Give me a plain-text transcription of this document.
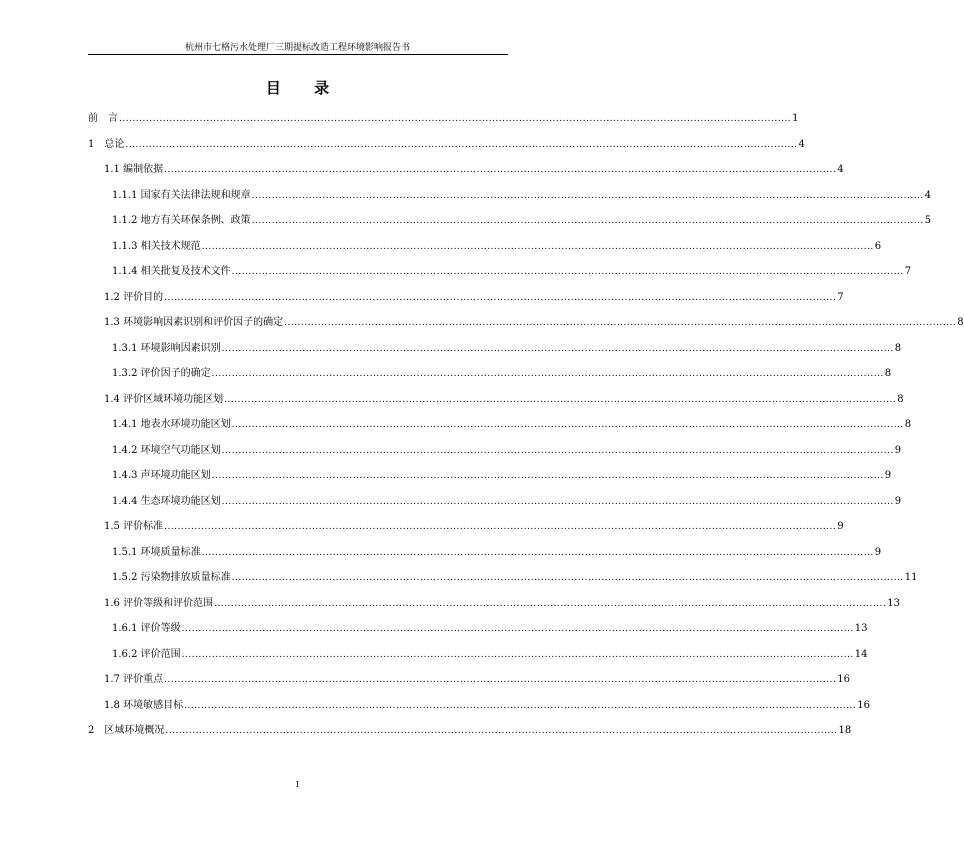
杭州市七格污水处理厂三期提标改造工程环境影响报告书
目 录
前　言 ........................................................................................................................................................................................................ 1
1　总论 ........................................................................................................................................................................................................ 4
1.1 编制依据 ........................................................................................................................................................................................................ 4
1.1.1 国家有关法律法规和规章 ........................................................................................................................................................................................................ 4
1.1.2 地方有关环保条例、政策 ........................................................................................................................................................................................................ 5
1.1.3 相关技术规范 ........................................................................................................................................................................................................ 6
1.1.4 相关批复及技术文件 ........................................................................................................................................................................................................ 7
1.2 评价目的 ........................................................................................................................................................................................................ 7
1.3 环境影响因素识别和评价因子的确定 ........................................................................................................................................................................................................ 8
1.3.1 环境影响因素识别 ........................................................................................................................................................................................................ 8
1.3.2 评价因子的确定 ........................................................................................................................................................................................................ 8
1.4 评价区域环境功能区划 ........................................................................................................................................................................................................ 8
1.4.1 地表水环境功能区划 ........................................................................................................................................................................................................ 8
1.4.2 环境空气功能区划 ........................................................................................................................................................................................................ 9
1.4.3 声环境功能区划 ........................................................................................................................................................................................................ 9
1.4.4 生态环境功能区划 ........................................................................................................................................................................................................ 9
1.5 评价标准 ........................................................................................................................................................................................................ 9
1.5.1 环境质量标准 ........................................................................................................................................................................................................ 9
1.5.2 污染物排放质量标准 ........................................................................................................................................................................................................ 11
1.6 评价等级和评价范围 ........................................................................................................................................................................................................ 13
1.6.1 评价等级 ........................................................................................................................................................................................................ 13
1.6.2 评价范围 ........................................................................................................................................................................................................ 14
1.7 评价重点 ........................................................................................................................................................................................................ 16
1.8 环境敏感目标 ........................................................................................................................................................................................................ 16
2　区域环境概况 ........................................................................................................................................................................................................ 18
I
